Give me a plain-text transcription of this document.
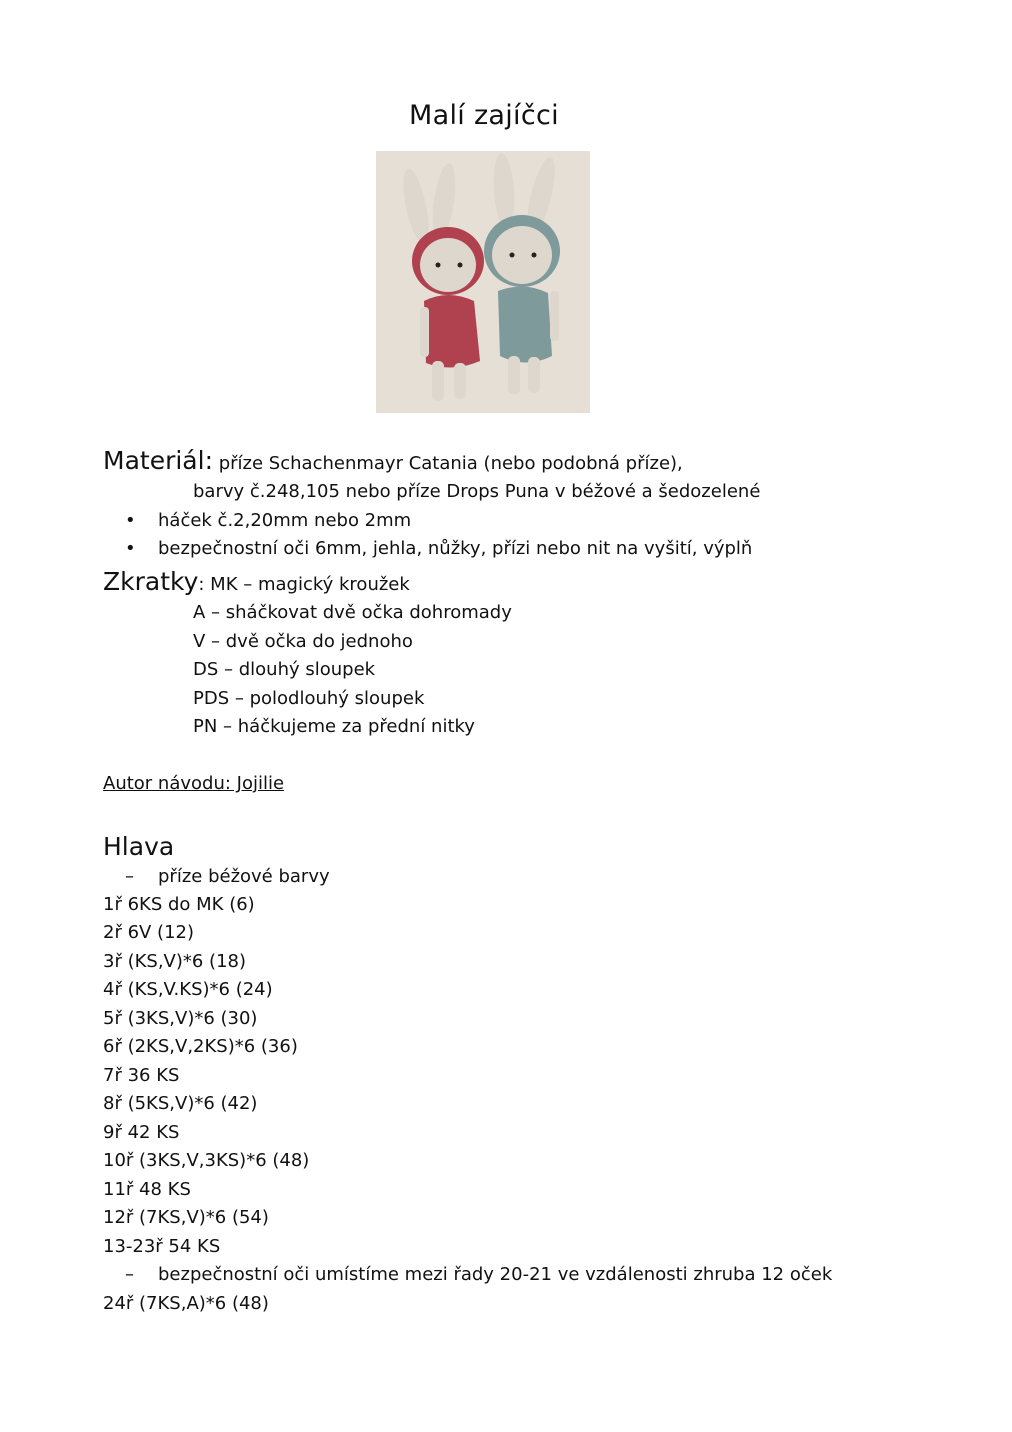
Malí zajíčci
Materiál: příze Schachenmayr Catania (nebo podobná příze),
barvy č.248,105 nebo příze Drops Puna v béžové a šedozelené
• háček č.2,20mm nebo 2mm
• bezpečnostní oči 6mm, jehla, nůžky, přízi nebo nit na vyšití, výplň
Zkratky: MK – magický kroužek
A – sháčkovat dvě očka dohromady
V – dvě očka do jednoho
DS – dlouhý sloupek
PDS – polodlouhý sloupek
PN – háčkujeme za přední nitky
Autor návodu: Jojilie
Hlava
– příze béžové barvy
1ř 6KS do MK (6)
2ř 6V (12)
3ř (KS,V)*6 (18)
4ř (KS,V.KS)*6 (24)
5ř (3KS,V)*6 (30)
6ř (2KS,V,2KS)*6 (36)
7ř 36 KS
8ř (5KS,V)*6 (42)
9ř 42 KS
10ř (3KS,V,3KS)*6 (48)
11ř 48 KS
12ř (7KS,V)*6 (54)
13-23ř 54 KS
– bezpečnostní oči umístíme mezi řady 20-21 ve vzdálenosti zhruba 12 oček
24ř (7KS,A)*6 (48)
